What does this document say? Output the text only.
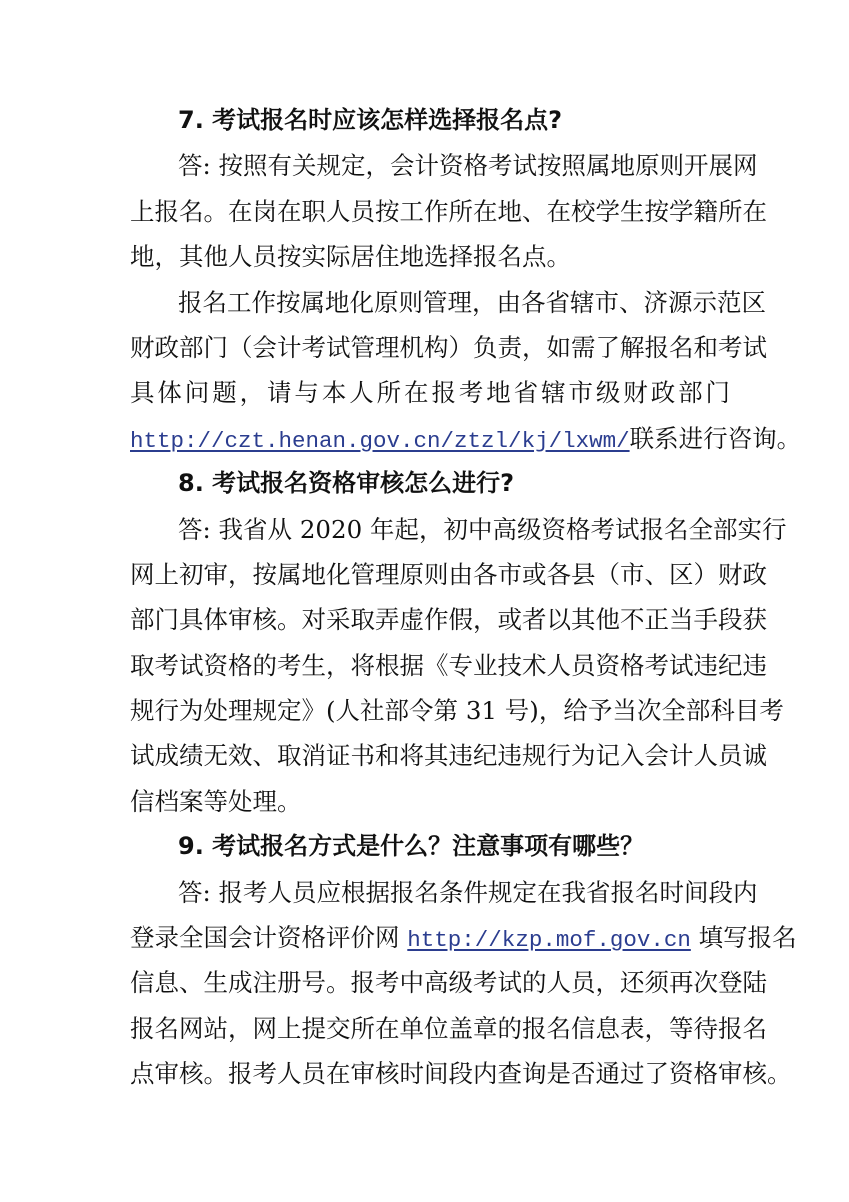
7. 考试报名时应该怎样选择报名点?
答: 按照有关规定，会计资格考试按照属地原则开展网
上报名。在岗在职人员按工作所在地、在校学生按学籍所在
地，其他人员按实际居住地选择报名点。
报名工作按属地化原则管理，由各省辖市、济源示范区
财政部门（会计考试管理机构）负责，如需了解报名和考试
具体问题，请与本人所在报考地省辖市级财政部门
http://czt.henan.gov.cn/ztzl/kj/lxwm/联系进行咨询。
8. 考试报名资格审核怎么进行?
答: 我省从 2020 年起，初中高级资格考试报名全部实行
网上初审，按属地化管理原则由各市或各县（市、区）财政
部门具体审核。对采取弄虚作假，或者以其他不正当手段获
取考试资格的考生，将根据《专业技术人员资格考试违纪违
规行为处理规定》(人社部令第 31 号)，给予当次全部科目考
试成绩无效、取消证书和将其违纪违规行为记入会计人员诚
信档案等处理。
9. 考试报名方式是什么？注意事项有哪些？
答: 报考人员应根据报名条件规定在我省报名时间段内
登录全国会计资格评价网 http://kzp.mof.gov.cn 填写报名
信息、生成注册号。报考中高级考试的人员，还须再次登陆
报名网站，网上提交所在单位盖章的报名信息表，等待报名
点审核。报考人员在审核时间段内查询是否通过了资格审核。
